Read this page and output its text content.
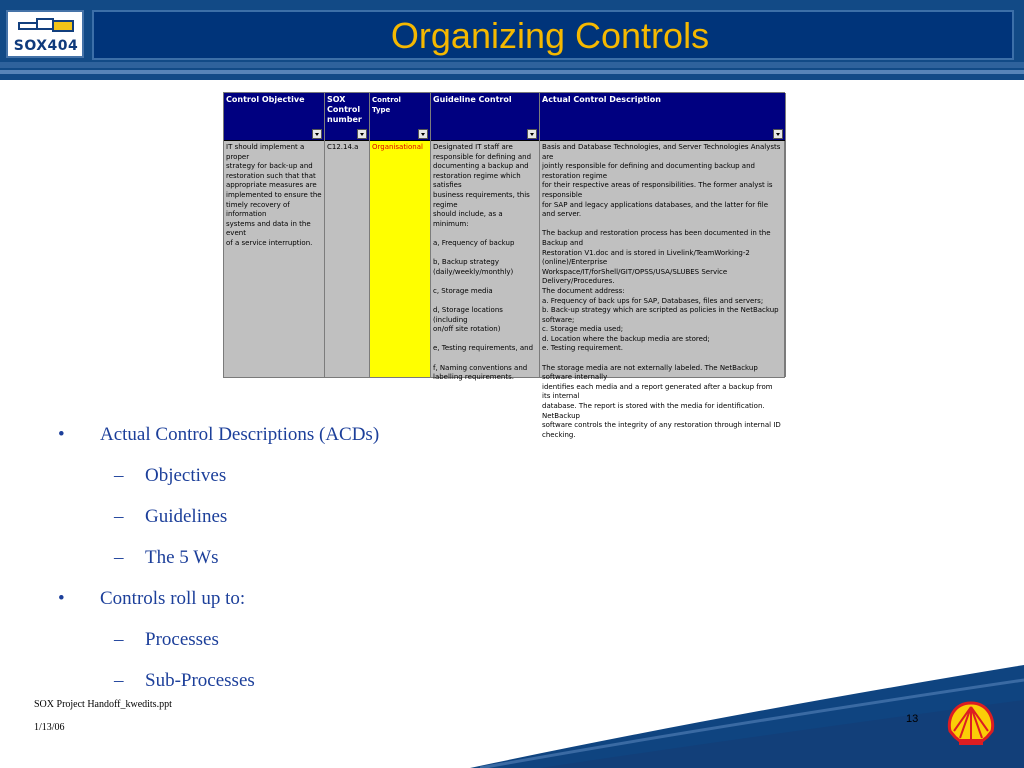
SOX404	Organizing Controls
Control Objective
IT should implement a proper
strategy for back-up and
restoration such that that
appropriate measures are
implemented to ensure the
timely recovery of information
systems and data in the event
of a service interruption.
SOX
Control
number
C12.14.a
Control Type
Organisational
Guideline Control
Designated IT staff are
responsible for defining and
documenting a backup and
restoration regime which satisfies
business requirements, this regime
should include, as a minimum:

a, Frequency of backup

b, Backup strategy
(daily/weekly/monthly)

c, Storage media

d, Storage locations (including
on/off site rotation)

e, Testing requirements, and

f, Naming conventions and
labelling requirements.
Actual Control Description
Basis and Database Technologies, and Server Technologies Analysts are
jointly responsible for defining and documenting backup and restoration regime
for their respective areas of responsibilities. The former analyst is responsible
for SAP and legacy applications databases, and the latter for file and server.

The backup and restoration process has been documented in the Backup and
Restoration V1.doc and is stored in Livelink/TeamWorking-2 (online)/Enterprise
Workspace/IT/forShell/GIT/OPSS/USA/SLUBES Service Delivery/Procedures.
The document address:
a. Frequency of back ups for SAP, Databases, files and servers;
b. Back-up strategy which are scripted as policies in the NetBackup software;
c. Storage media used;
d. Location where the backup media are stored;
e. Testing requirement.

The storage media are not externally labeled. The NetBackup software internally
identifies each media and a report generated after a backup from its internal
database. The report is stored with the media for identification. NetBackup
software controls the integrity of any restoration through internal ID checking.
• Actual Control Descriptions (ACDs)
– Objectives
– Guidelines
– The 5 Ws
• Controls roll up to:
– Processes
– Sub-Processes
SOX Project Handoff_kwedits.ppt
1/13/06
13
